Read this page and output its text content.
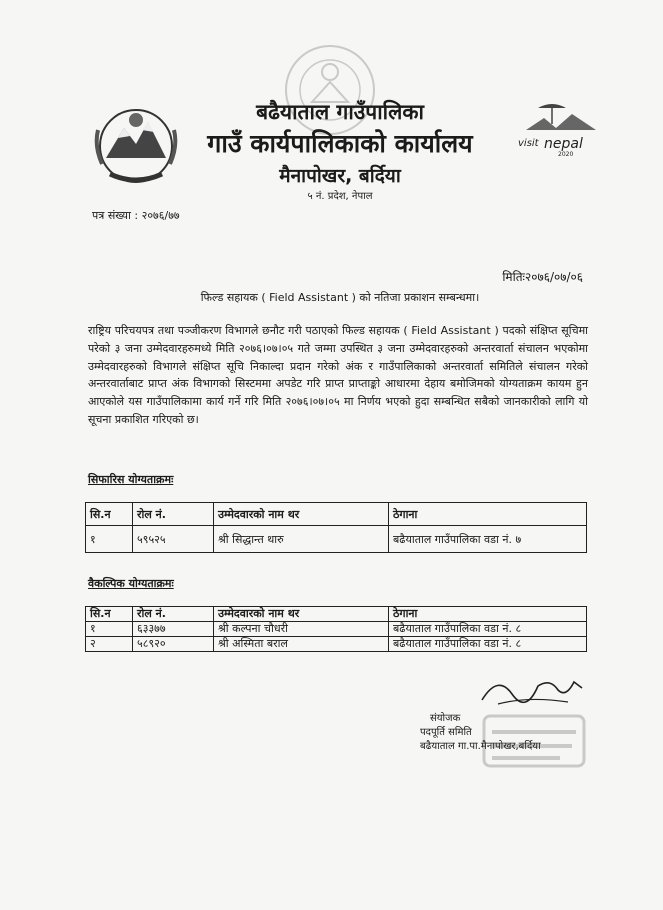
बढैयाताल गाउँपालिका
गाउँ कार्यपालिकाको कार्यालय
मैनापोखर, बर्दिया
५ नं. प्रदेश, नेपाल
visit nepal
2020
पत्र संख्या : २०७६/७७
मितिः२०७६/०७/०६
फिल्ड सहायक ( Field Assistant ) को नतिजा प्रकाशन सम्बन्धमा।
राष्ट्रिय परिचयपत्र तथा पञ्जीकरण विभागले छनौट गरी पठाएको फिल्ड सहायक ( Field Assistant ) पदको संक्षिप्त सूचिमा परेको ३ जना उम्मेदवारहरुमध्ये मिति २०७६।०७।०५ गते जम्मा उपस्थित ३ जना उम्मेदवारहरुको अन्तरवार्ता संचालन भएकोमा उम्मेदवारहरुको विभागले संक्षिप्त सूचि निकाल्दा प्रदान गरेको अंक र गाउँपालिकाको अन्तरवार्ता समितिले संचालन गरेको अन्तरवार्ताबाट प्राप्त अंक विभागको सिस्टममा अपडेट गरि प्राप्त प्राप्ताङ्को आधारमा देहाय बमोजिमको योग्यताक्रम कायम हुन आएकोले यस गाउँपालिकामा कार्य गर्ने गरि मिति २०७६।०७।०५ मा निर्णय भएको हुदा सम्बन्धित सबैको जानकारीको लागि यो सूचना प्रकाशित गरिएको छ।
सिफारिस योग्यताक्रमः
सि.न	रोल नं.	उम्मेदवारको नाम थर	ठेगाना
१	५९५२५	श्री सिद्धान्त थारु	बढैयाताल गाउँपालिका वडा नं. ७
वैकल्पिक योग्यताक्रमः
सि.न	रोल नं.	उम्मेदवारको नाम थर	ठेगाना
१	६३३७७	श्री कल्पना चौधरी	बढैयाताल गाउँपालिका वडा नं. ८
२	५८९२०	श्री अस्मिता बराल	बढैयाताल गाउँपालिका वडा नं. ८
संयोजक
पदपूर्ति समिति
बढैयाताल गा.पा.मैनापोखर,बर्दिया
